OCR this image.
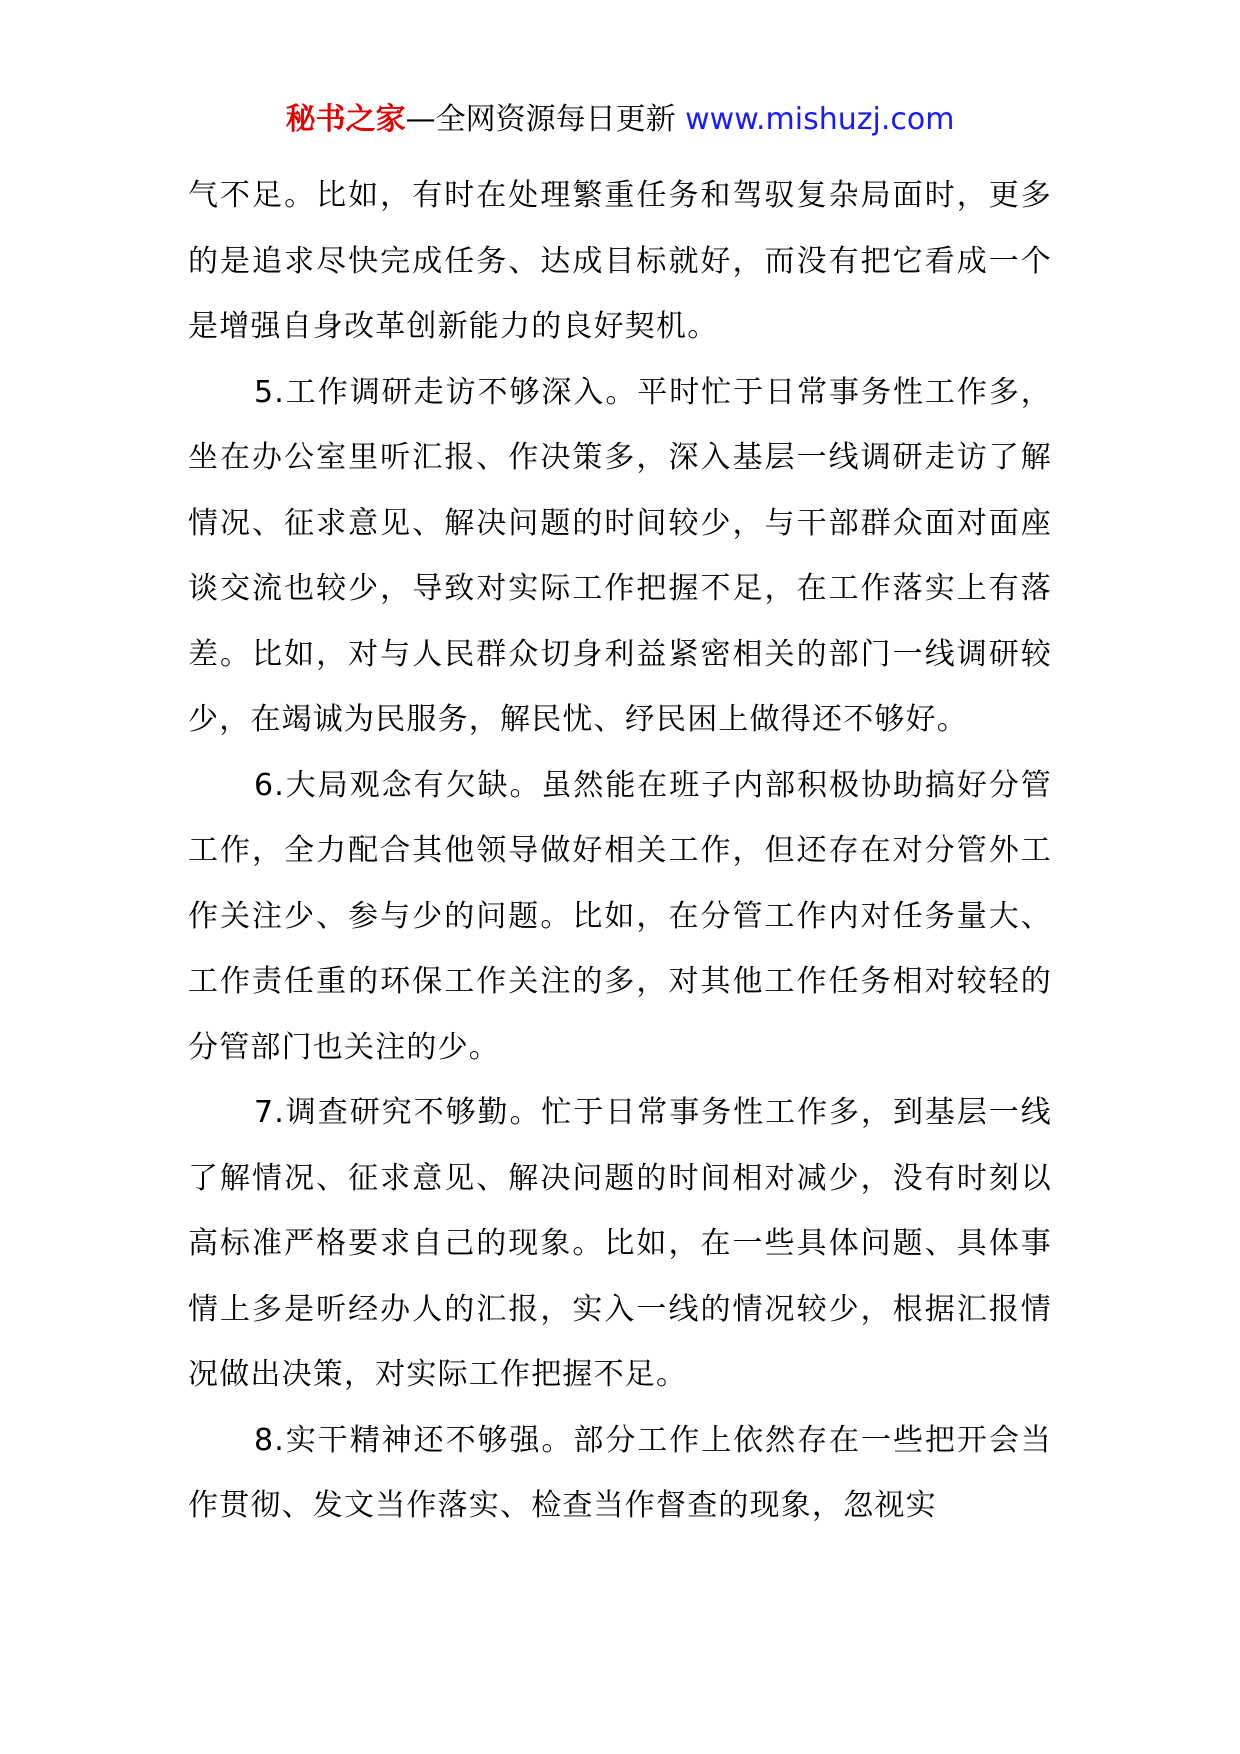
秘书之家—全网资源每日更新 www.mishuzj.com

气不足。比如，有时在处理繁重任务和驾驭复杂局面时，更多的是追求尽快完成任务、达成目标就好，而没有把它看成一个是增强自身改革创新能力的良好契机。

5.工作调研走访不够深入。平时忙于日常事务性工作多，坐在办公室里听汇报、作决策多，深入基层一线调研走访了解情况、征求意见、解决问题的时间较少，与干部群众面对面座谈交流也较少，导致对实际工作把握不足，在工作落实上有落差。比如，对与人民群众切身利益紧密相关的部门一线调研较少，在竭诚为民服务，解民忧、纾民困上做得还不够好。

6.大局观念有欠缺。虽然能在班子内部积极协助搞好分管工作，全力配合其他领导做好相关工作，但还存在对分管外工作关注少、参与少的问题。比如，在分管工作内对任务量大、工作责任重的环保工作关注的多，对其他工作任务相对较轻的分管部门也关注的少。

7.调查研究不够勤。忙于日常事务性工作多，到基层一线了解情况、征求意见、解决问题的时间相对减少，没有时刻以高标准严格要求自己的现象。比如，在一些具体问题、具体事情上多是听经办人的汇报，实入一线的情况较少，根据汇报情况做出决策，对实际工作把握不足。

8.实干精神还不够强。部分工作上依然存在一些把开会当作贯彻、发文当作落实、检查当作督查的现象，忽视实
